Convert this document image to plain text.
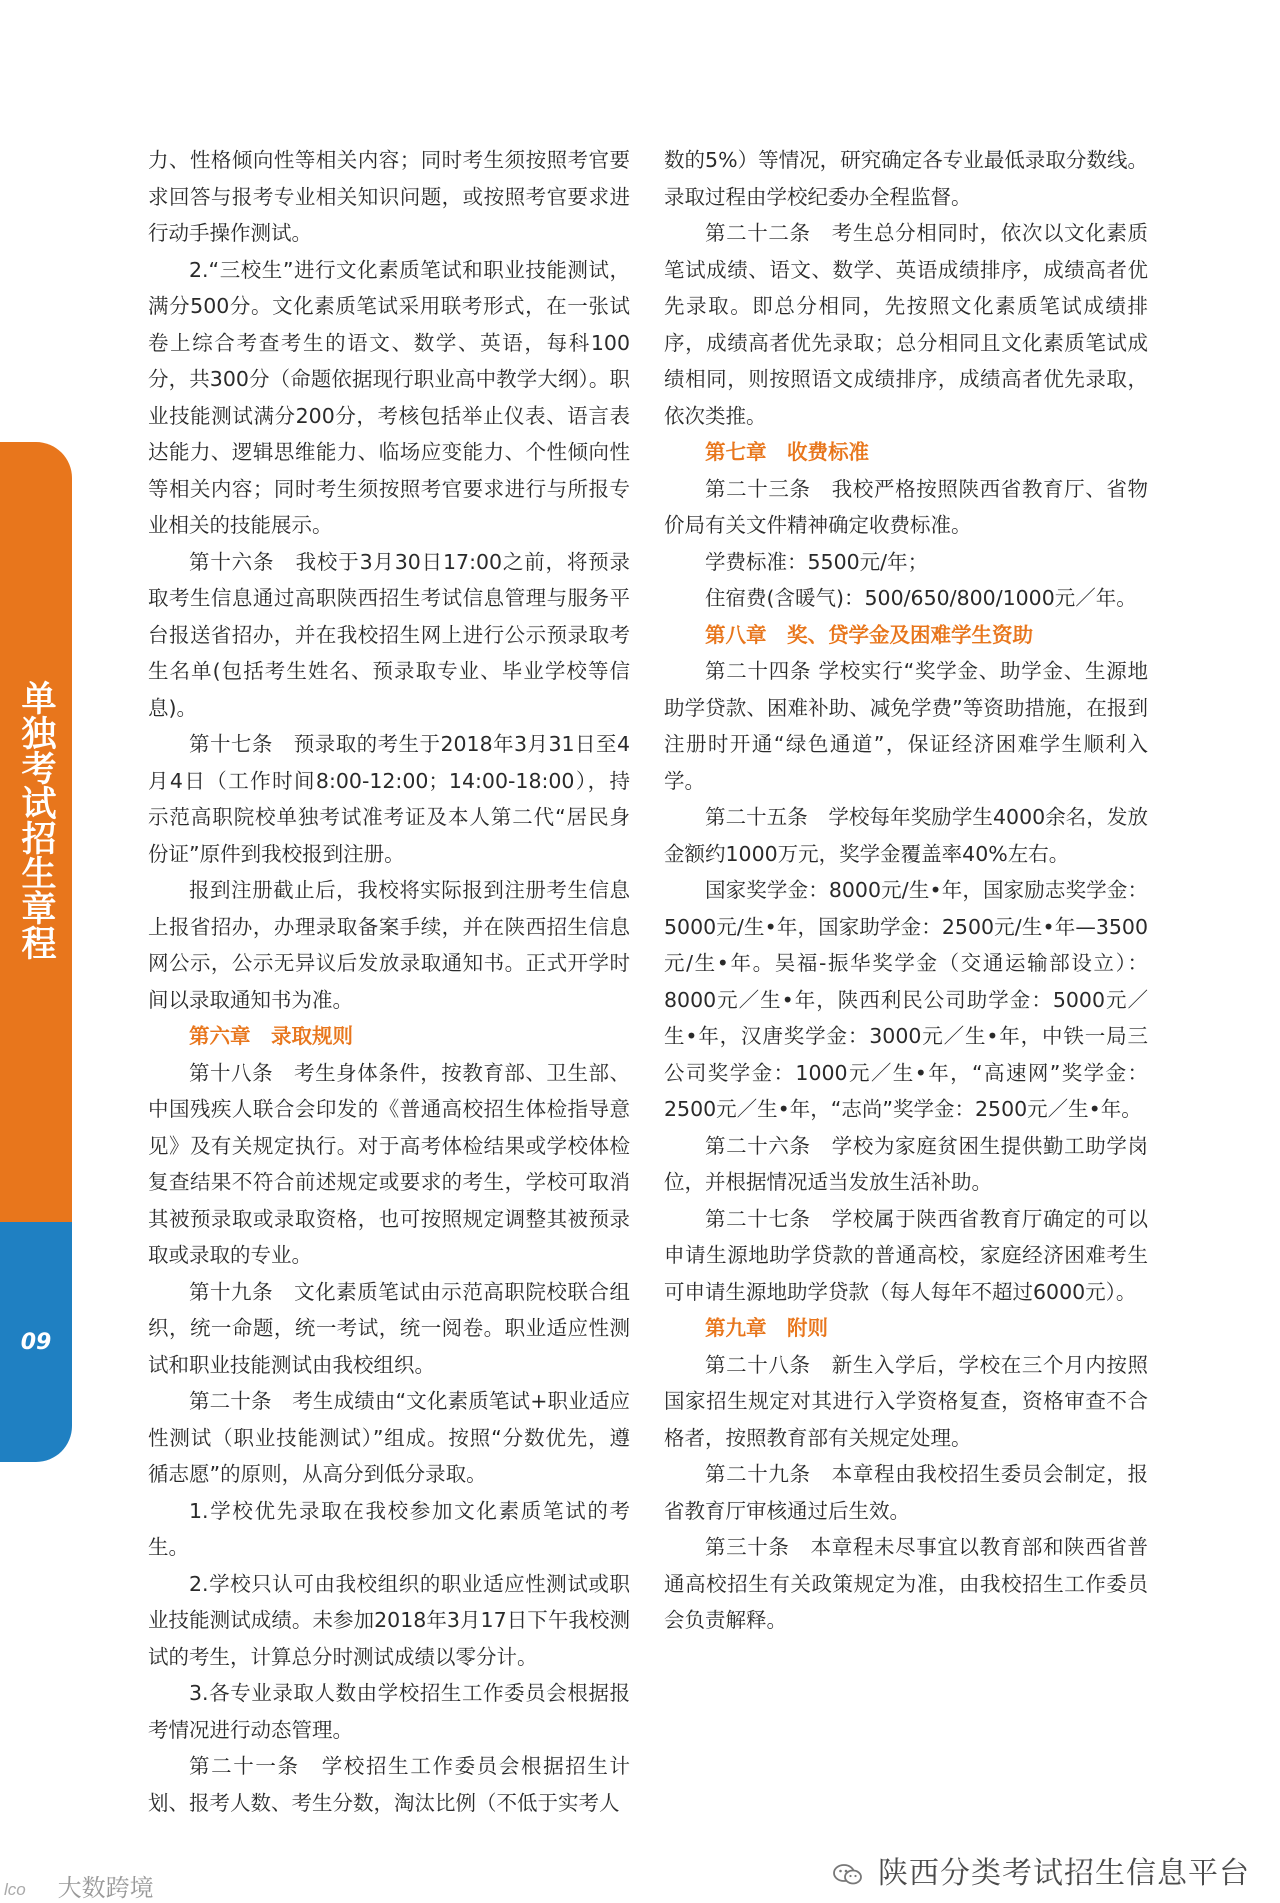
单独考试招生章程
09

力、性格倾向性等相关内容；同时考生须按照考官要求回答与报考专业相关知识问题，或按照考官要求进行动手操作测试。

2.“三校生”进行文化素质笔试和职业技能测试，满分500分。文化素质笔试采用联考形式，在一张试卷上综合考查考生的语文、数学、英语，每科100分，共300分（命题依据现行职业高中教学大纲）。职业技能测试满分200分，考核包括举止仪表、语言表达能力、逻辑思维能力、临场应变能力、个性倾向性等相关内容；同时考生须按照考官要求进行与所报专业相关的技能展示。

第十六条　我校于3月30日17:00之前，将预录取考生信息通过高职陕西招生考试信息管理与服务平台报送省招办，并在我校招生网上进行公示预录取考生名单(包括考生姓名、预录取专业、毕业学校等信息)。

第十七条　预录取的考生于2018年3月31日至4月4日（工作时间8:00-12:00；14:00-18:00），持示范高职院校单独考试准考证及本人第二代“居民身份证”原件到我校报到注册。

报到注册截止后，我校将实际报到注册考生信息上报省招办，办理录取备案手续，并在陕西招生信息网公示，公示无异议后发放录取通知书。正式开学时间以录取通知书为准。

第六章　录取规则

第十八条　考生身体条件，按教育部、卫生部、中国残疾人联合会印发的《普通高校招生体检指导意见》及有关规定执行。对于高考体检结果或学校体检复查结果不符合前述规定或要求的考生，学校可取消其被预录取或录取资格，也可按照规定调整其被预录取或录取的专业。

第十九条　文化素质笔试由示范高职院校联合组织，统一命题，统一考试，统一阅卷。职业适应性测试和职业技能测试由我校组织。

第二十条　考生成绩由“文化素质笔试+职业适应性测试（职业技能测试）”组成。按照“分数优先，遵循志愿”的原则，从高分到低分录取。

1.学校优先录取在我校参加文化素质笔试的考生。

2.学校只认可由我校组织的职业适应性测试或职业技能测试成绩。未参加2018年3月17日下午我校测试的考生，计算总分时测试成绩以零分计。

3.各专业录取人数由学校招生工作委员会根据报考情况进行动态管理。

第二十一条　学校招生工作委员会根据招生计划、报考人数、考生分数，淘汰比例（不低于实考人

数的5%）等情况，研究确定各专业最低录取分数线。录取过程由学校纪委办全程监督。

第二十二条　考生总分相同时，依次以文化素质笔试成绩、语文、数学、英语成绩排序，成绩高者优先录取。即总分相同，先按照文化素质笔试成绩排序，成绩高者优先录取；总分相同且文化素质笔试成绩相同，则按照语文成绩排序，成绩高者优先录取，依次类推。

第七章　收费标准

第二十三条　我校严格按照陕西省教育厅、省物价局有关文件精神确定收费标准。

学费标准：5500元/年；

住宿费(含暖气)：500/650/800/1000元／年。

第八章　奖、贷学金及困难学生资助

第二十四条 学校实行“奖学金、助学金、生源地助学贷款、困难补助、减免学费”等资助措施，在报到注册时开通“绿色通道”，保证经济困难学生顺利入学。

第二十五条　学校每年奖励学生4000余名，发放金额约1000万元，奖学金覆盖率40%左右。

国家奖学金：8000元/生•年，国家励志奖学金：5000元/生•年，国家助学金：2500元/生•年—3500元/生•年。吴福-振华奖学金（交通运输部设立）：8000元／生•年，陕西利民公司助学金：5000元／生•年，汉唐奖学金：3000元／生•年，中铁一局三公司奖学金：1000元／生•年，“高速网”奖学金：2500元／生•年，“志尚”奖学金：2500元／生•年。

第二十六条　学校为家庭贫困生提供勤工助学岗位，并根据情况适当发放生活补助。

第二十七条　学校属于陕西省教育厅确定的可以申请生源地助学贷款的普通高校，家庭经济困难考生可申请生源地助学贷款（每人每年不超过6000元）。

第九章　附则

第二十八条　新生入学后，学校在三个月内按照国家招生规定对其进行入学资格复查，资格审查不合格者，按照教育部有关规定处理。

第二十九条　本章程由我校招生委员会制定，报省教育厅审核通过后生效。

第三十条　本章程未尽事宜以教育部和陕西省普通高校招生有关政策规定为准，由我校招生工作委员会负责解释。

陕西分类考试招生信息平台
lco 大数跨境
